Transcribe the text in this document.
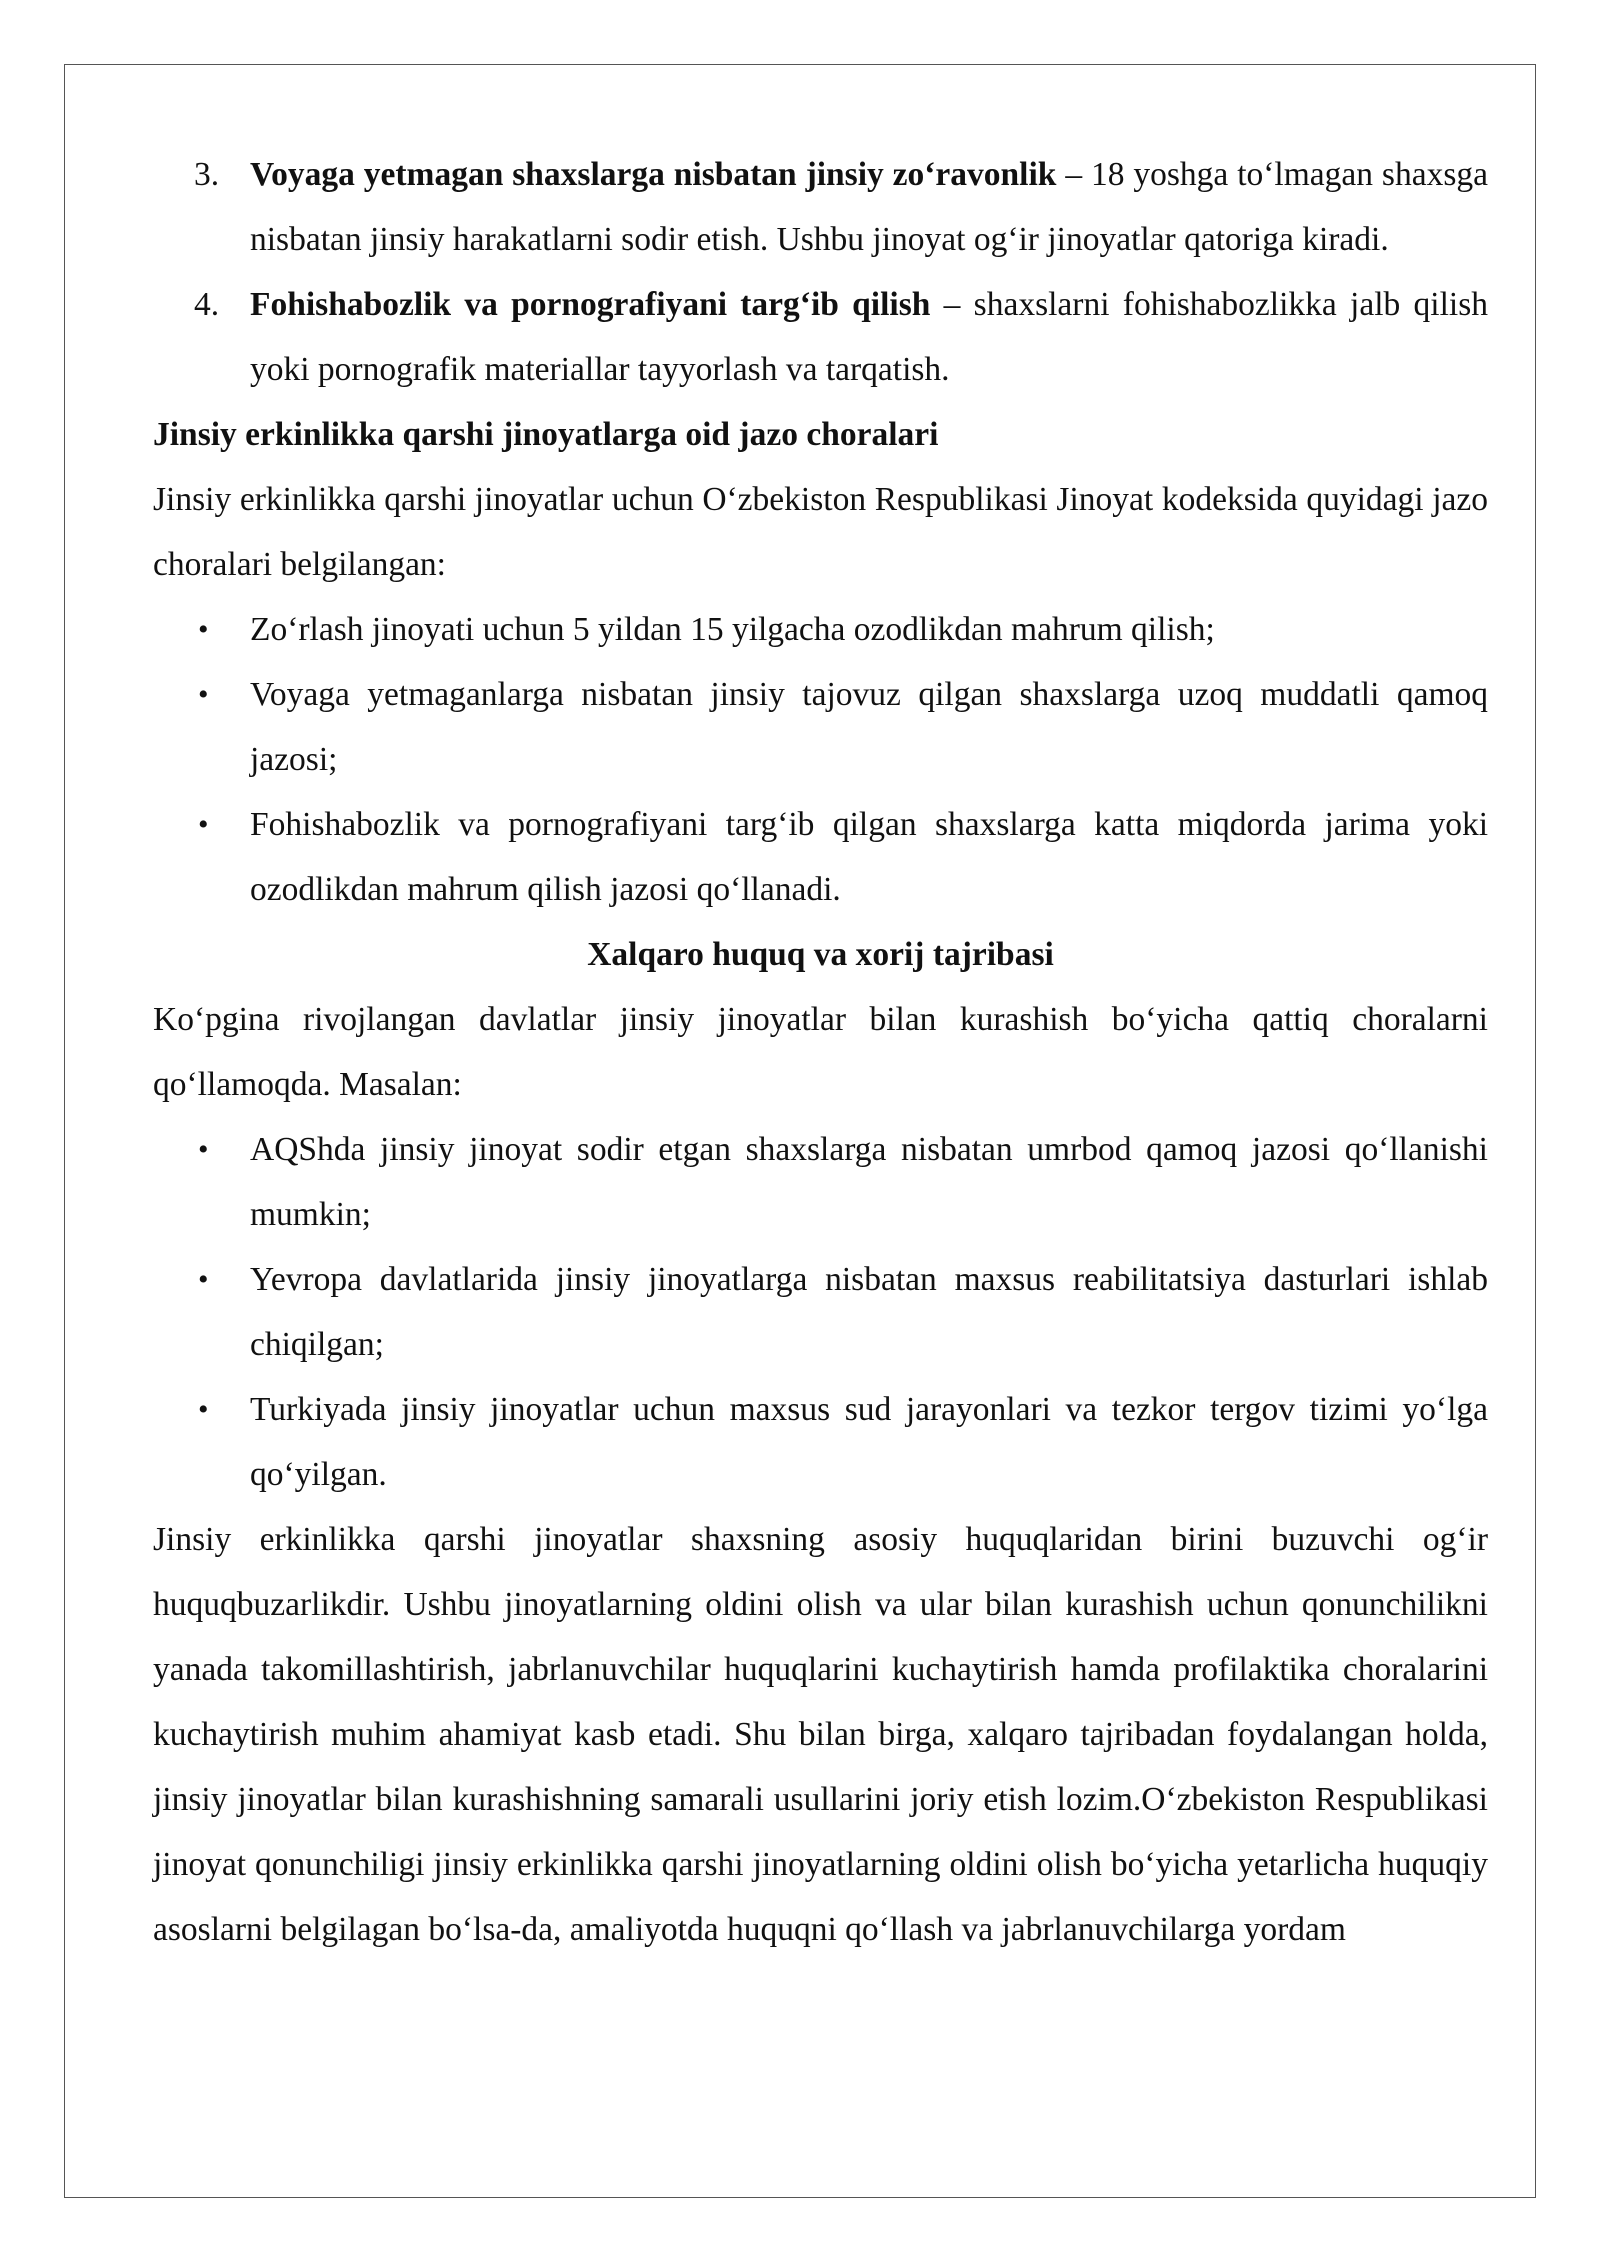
3. Voyaga yetmagan shaxslarga nisbatan jinsiy zo‘ravonlik – 18 yoshga to‘lmagan shaxsga nisbatan jinsiy harakatlarni sodir etish. Ushbu jinoyat og‘ir jinoyatlar qatoriga kiradi.
4. Fohishabozlik va pornografiyani targ‘ib qilish – shaxslarni fohishabozlikka jalb qilish yoki pornografik materiallar tayyorlash va tarqatish.
Jinsiy erkinlikka qarshi jinoyatlarga oid jazo choralari

Jinsiy erkinlikka qarshi jinoyatlar uchun O‘zbekiston Respublikasi Jinoyat kodeksida quyidagi jazo choralari belgilangan:

• Zo‘rlash jinoyati uchun 5 yildan 15 yilgacha ozodlikdan mahrum qilish;
• Voyaga yetmaganlarga nisbatan jinsiy tajovuz qilgan shaxslarga uzoq muddatli qamoq jazosi;
• Fohishabozlik va pornografiyani targ‘ib qilgan shaxslarga katta miqdorda jarima yoki ozodlikdan mahrum qilish jazosi qo‘llanadi.
Xalqaro huquq va xorij tajribasi

Ko‘pgina rivojlangan davlatlar jinsiy jinoyatlar bilan kurashish bo‘yicha qattiq choralarni qo‘llamoqda. Masalan:

• AQShda jinsiy jinoyat sodir etgan shaxslarga nisbatan umrbod qamoq jazosi qo‘llanishi mumkin;
• Yevropa davlatlarida jinsiy jinoyatlarga nisbatan maxsus reabilitatsiya dasturlari ishlab chiqilgan;
• Turkiyada jinsiy jinoyatlar uchun maxsus sud jarayonlari va tezkor tergov tizimi yo‘lga qo‘yilgan.

Jinsiy erkinlikka qarshi jinoyatlar shaxsning asosiy huquqlaridan birini buzuvchi og‘ir huquqbuzarlikdir. Ushbu jinoyatlarning oldini olish va ular bilan kurashish uchun qonunchilikni yanada takomillashtirish, jabrlanuvchilar huquqlarini kuchaytirish hamda profilaktika choralarini kuchaytirish muhim ahamiyat kasb etadi. Shu bilan birga, xalqaro tajribadan foydalangan holda, jinsiy jinoyatlar bilan kurashishning samarali usullarini joriy etish lozim.O‘zbekiston Respublikasi jinoyat qonunchiligi jinsiy erkinlikka qarshi jinoyatlarning oldini olish bo‘yicha yetarlicha huquqiy asoslarni belgilagan bo‘lsa-da, amaliyotda huquqni qo‘llash va jabrlanuvchilarga yordam
